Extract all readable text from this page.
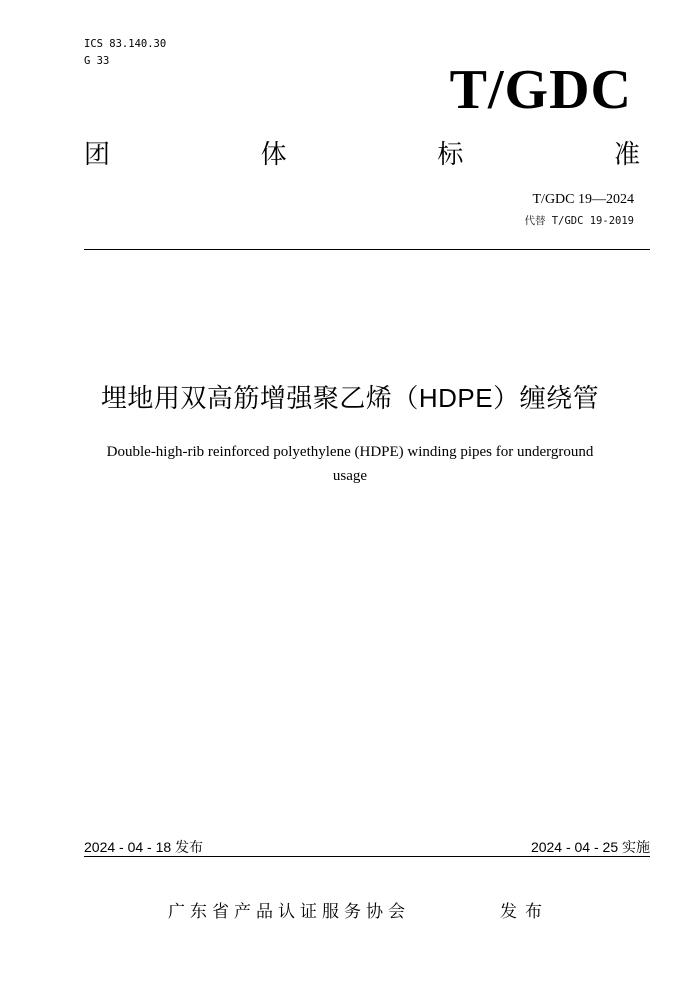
ICS 83.140.30
G 33	T/GDC
团	体	标	准
T/GDC 19—2024
代替 T/GDC 19-2019
埋地用双高筋增强聚乙烯（HDPE）缠绕管
Double-high-rib reinforced polyethylene (HDPE) winding pipes for underground
usage
2024 - 04 - 18 发布	2024 - 04 - 25 实施
广东省产品认证服务协会	发布
